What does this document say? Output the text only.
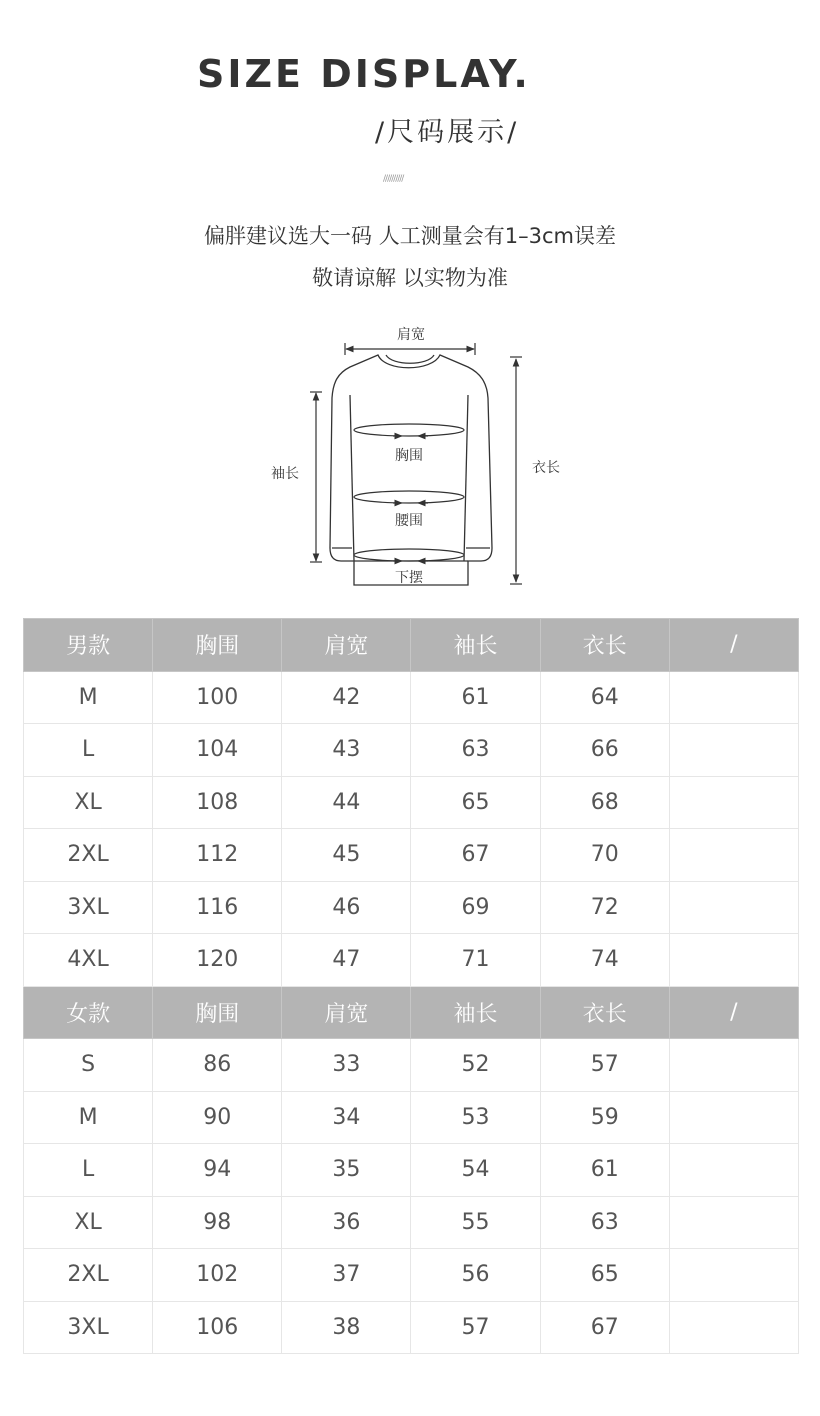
SIZE DISPLAY.
/尺码展示/
//////////
偏胖建议选大一码 人工测量会有1–3cm误差
敬请谅解 以实物为准
肩宽
胸围
腰围
下摆
袖长	衣长
男款	胸围	肩宽	袖长	衣长	/
M	100	42	61	64	
L	104	43	63	66	
XL	108	44	65	68	
2XL	112	45	67	70	
3XL	116	46	69	72	
4XL	120	47	71	74	
女款	胸围	肩宽	袖长	衣长	/
S	86	33	52	57	
M	90	34	53	59	
L	94	35	54	61	
XL	98	36	55	63	
2XL	102	37	56	65	
3XL	106	38	57	67	
